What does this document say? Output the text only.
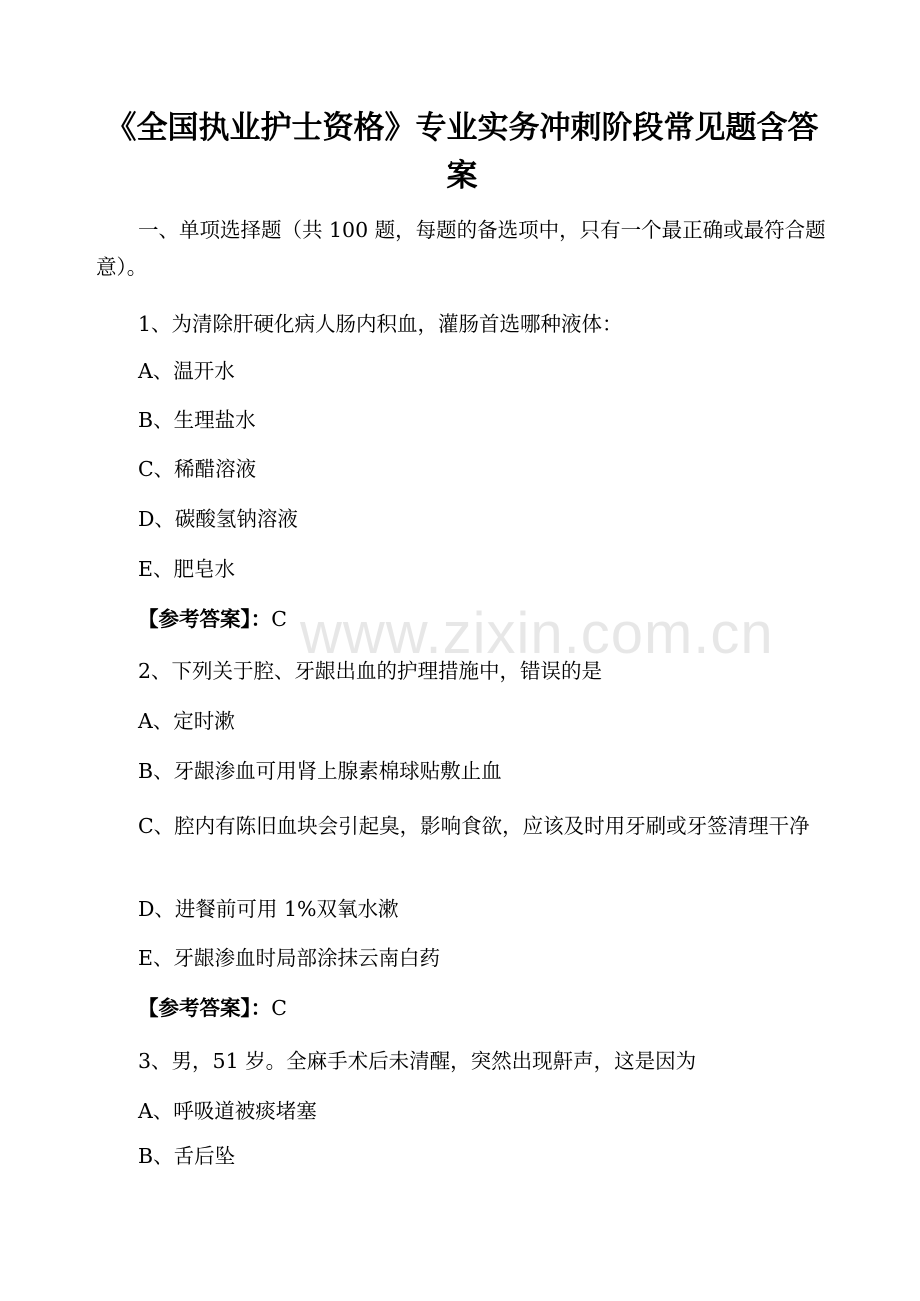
《全国执业护士资格》专业实务冲刺阶段常见题含答案

一、单项选择题（共 100 题，每题的备选项中，只有一个最正确或最符合题意）。

1、为清除肝硬化病人肠内积血，灌肠首选哪种液体：

A、温开水

B、生理盐水

C、稀醋溶液

D、碳酸氢钠溶液

E、肥皂水

【参考答案】：C

2、下列关于腔、牙龈出血的护理措施中，错误的是

A、定时漱

B、牙龈渗血可用肾上腺素棉球贴敷止血

C、腔内有陈旧血块会引起臭，影响食欲，应该及时用牙刷或牙签清理干净

D、进餐前可用 1%双氧水漱

E、牙龈渗血时局部涂抹云南白药

【参考答案】：C

3、男，51 岁。全麻手术后未清醒，突然出现鼾声，这是因为

A、呼吸道被痰堵塞

B、舌后坠

www.zixin.com.cn
